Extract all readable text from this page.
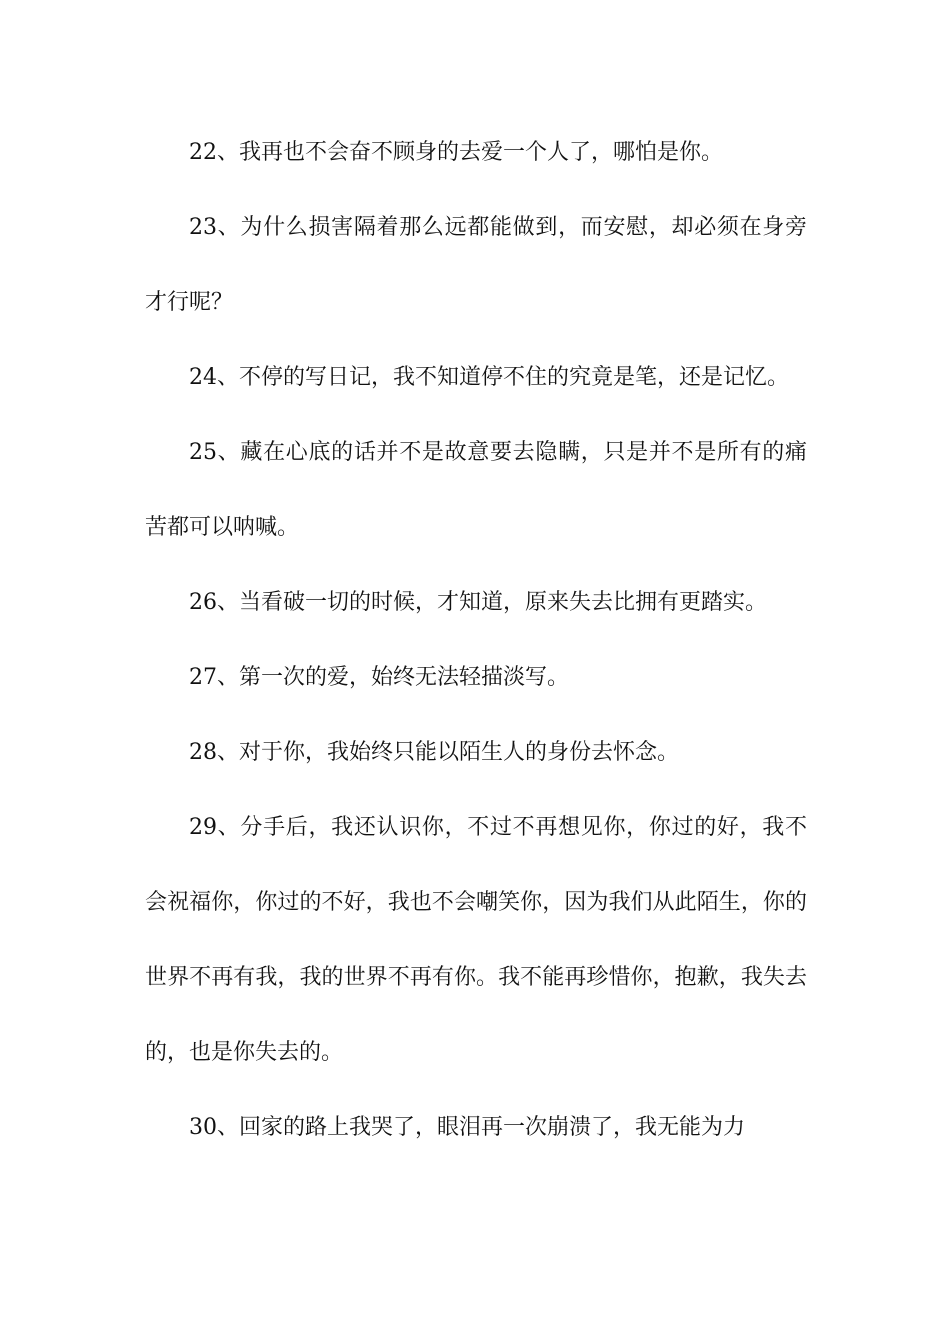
22、我再也不会奋不顾身的去爱一个人了，哪怕是你。

23、为什么损害隔着那么远都能做到，而安慰，却必须在身旁才行呢？

24、不停的写日记，我不知道停不住的究竟是笔，还是记忆。

25、藏在心底的话并不是故意要去隐瞒，只是并不是所有的痛苦都可以呐喊。

26、当看破一切的时候，才知道，原来失去比拥有更踏实。

27、第一次的爱，始终无法轻描淡写。

28、对于你，我始终只能以陌生人的身份去怀念。

29、分手后，我还认识你，不过不再想见你，你过的好，我不会祝福你，你过的不好，我也不会嘲笑你，因为我们从此陌生，你的世界不再有我，我的世界不再有你。我不能再珍惜你，抱歉，我失去的，也是你失去的。

30、回家的路上我哭了，眼泪再一次崩溃了，我无能为力
